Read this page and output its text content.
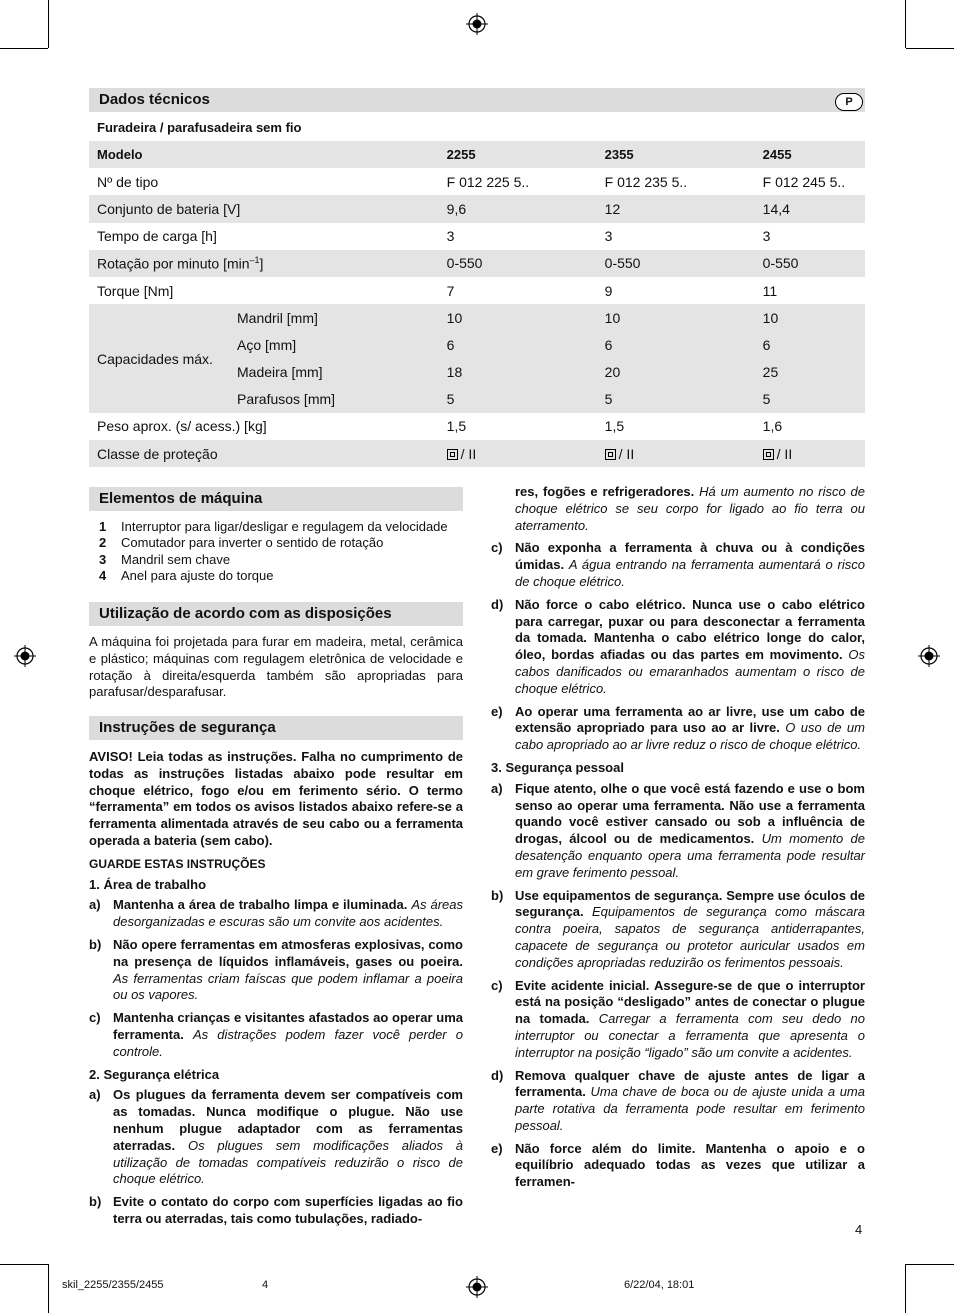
Dados técnicos	P
Furadeira / parafusadeira sem fio
Modelo		2255	2355	2455
Nº de tipo		F 012 225 5..	F 012 235 5..	F 012 245 5..
Conjunto de bateria [V]		9,6	12	14,4
Tempo de carga [h]		3	3	3
Rotação por minuto $[\min^{-1}]$		0-550	0-550	0-550
Torque [Nm]		7	9	11
Capacidades máx.	Mandril [mm]	10	10	10
	Aço [mm]	6	6	6
	Madeira [mm]	18	20	25
	Parafusos [mm]	5	5	5
Peso aprox. (s/ acess.) [kg]		1,5	1,5	1,6
Classe de proteção		/ II	/ II	/ II
Elementos de máquina
1	Interruptor para ligar/desligar e regulagem da velocidade
2	Comutador para inverter o sentido de rotação
3	Mandril sem chave
4	Anel para ajuste do torque
Utilização de acordo com as disposições

A máquina foi projetada para furar em madeira, metal, cerâmica e plástico; máquinas com regulagem eletrônica de velocidade e rotação à direita/esquerda também são apropriadas para parafusar/desparafusar.

Instruções de segurança

AVISO! Leia todas as instruções. Falha no cumprimento de todas as instruções listadas abaixo pode resultar em choque elétrico, fogo e/ou em ferimento sério. O termo “ferramenta” em todos os avisos listados abaixo refere-se a ferramenta alimentada através de seu cabo ou a ferramenta operada a bateria (sem cabo).

GUARDE ESTAS INSTRUÇÕES

1. Área de trabalho

a) Mantenha a área de trabalho limpa e iluminada. As áreas desorganizadas e escuras são um convite aos acidentes.
b) Não opere ferramentas em atmosferas explosivas, como na presença de líquidos inflamáveis, gases ou poeira. As ferramentas criam faíscas que podem inflamar a poeira ou os vapores.
c) Mantenha crianças e visitantes afastados ao operar uma ferramenta. As distrações podem fazer você perder o controle.

2. Segurança elétrica

a) Os plugues da ferramenta devem ser compatíveis com as tomadas. Nunca modifique o plugue. Não use nenhum plugue adaptador com as ferramentas aterradas. Os plugues sem modificações aliados à utilização de tomadas compatíveis reduzirão o risco de choque elétrico.
b) Evite o contato do corpo com superfícies ligadas ao fio terra ou aterradas, tais como tubulações, radiado-
res, fogões e refrigeradores. Há um aumento no risco de choque elétrico se seu corpo for ligado ao fio terra ou aterramento.
c) Não exponha a ferramenta à chuva ou à condições úmidas. A água entrando na ferramenta aumentará o risco de choque elétrico.
d) Não force o cabo elétrico. Nunca use o cabo elétrico para carregar, puxar ou para desconectar a ferramenta da tomada. Mantenha o cabo elétrico longe do calor, óleo, bordas afiadas ou das partes em movimento. Os cabos danificados ou emaranhados aumentam o risco de choque elétrico.
e) Ao operar uma ferramenta ao ar livre, use um cabo de extensão apropriado para uso ao ar livre. O uso de um cabo apropriado ao ar livre reduz o risco de choque elétrico.

3. Segurança pessoal

a) Fique atento, olhe o que você está fazendo e use o bom senso ao operar uma ferramenta. Não use a ferramenta quando você estiver cansado ou sob a influência de drogas, álcool ou de medicamentos. Um momento de desatenção enquanto opera uma ferramenta pode resultar em grave ferimento pessoal.
b) Use equipamentos de segurança. Sempre use óculos de segurança. Equipamentos de segurança como máscara contra poeira, sapatos de segurança antiderrapantes, capacete de segurança ou protetor auricular usados em condições apropriadas reduzirão os ferimentos pessoais.
c) Evite acidente inicial. Assegure-se de que o interruptor está na posição “desligado” antes de conectar o plugue na tomada. Carregar a ferramenta com seu dedo no interruptor ou conectar a ferramenta que apresenta o interruptor na posição “ligado” são um convite a acidentes.
d) Remova qualquer chave de ajuste antes de ligar a ferramenta. Uma chave de boca ou de ajuste unida a uma parte rotativa da ferramenta pode resultar em ferimento pessoal.
e) Não force além do limite. Mantenha o apoio e o equilíbrio adequado todas as vezes que utilizar a ferramen-
4
skil_2255/2355/2455	4	6/22/04, 18:01
